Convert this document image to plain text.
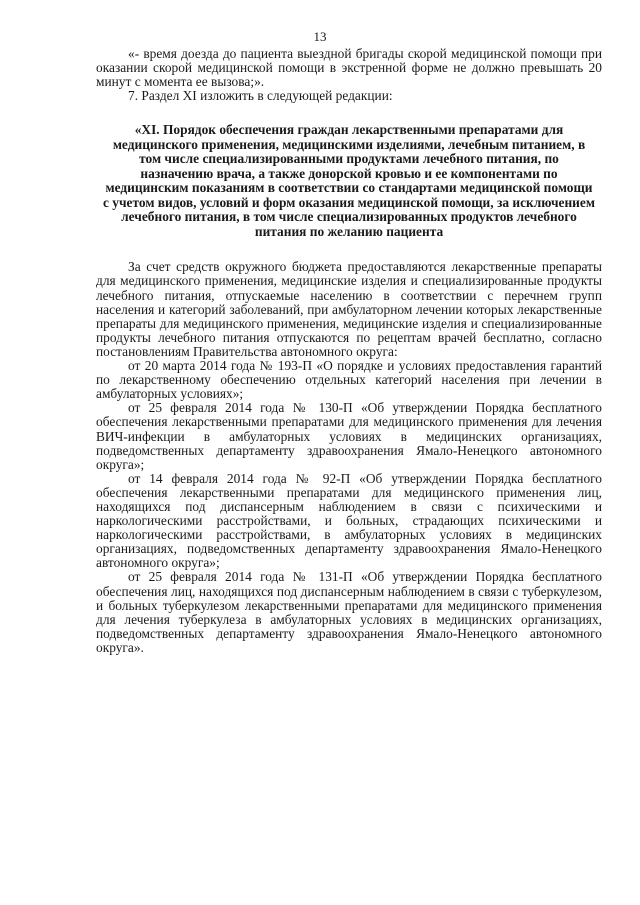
13

«- время доезда до пациента выездной бригады скорой медицинской помощи при оказании скорой медицинской помощи в экстренной форме не должно превышать 20 минут с момента ее вызова;».

7. Раздел XI изложить в следующей редакции:

«XI. Порядок обеспечения граждан лекарственными препаратами для медицинского применения, медицинскими изделиями, лечебным питанием, в том числе специализированными продуктами лечебного питания, по назначению врача, а также донорской кровью и ее компонентами по медицинским показаниям в соответствии со стандартами медицинской помощи с учетом видов, условий и форм оказания медицинской помощи, за исключением лечебного питания, в том числе специализированных продуктов лечебного питания по желанию пациента

За счет средств окружного бюджета предоставляются лекарственные препараты для медицинского применения, медицинские изделия и специализированные продукты лечебного питания, отпускаемые населению в соответствии с перечнем групп населения и категорий заболеваний, при амбулаторном лечении которых лекарственные препараты для медицинского применения, медицинские изделия и специализированные продукты лечебного питания отпускаются по рецептам врачей бесплатно, согласно постановлениям Правительства автономного округа:

от 20 марта 2014 года № 193-П «О порядке и условиях предоставления гарантий по лекарственному обеспечению отдельных категорий населения при лечении в амбулаторных условиях»;

от 25 февраля 2014 года № 130-П «Об утверждении Порядка бесплатного обеспечения лекарственными препаратами для медицинского применения для лечения ВИЧ-инфекции в амбулаторных условиях в медицинских организациях, подведомственных департаменту здравоохранения Ямало-Ненецкого автономного округа»;

от 14 февраля 2014 года № 92-П «Об утверждении Порядка бесплатного обеспечения лекарственными препаратами для медицинского применения лиц, находящихся под диспансерным наблюдением в связи с психическими и наркологическими расстройствами, и больных, страдающих психическими и наркологическими расстройствами, в амбулаторных условиях в медицинских организациях, подведомственных департаменту здравоохранения Ямало-Ненецкого автономного округа»;

от 25 февраля 2014 года № 131-П «Об утверждении Порядка бесплатного обеспечения лиц, находящихся под диспансерным наблюдением в связи с туберкулезом, и больных туберкулезом лекарственными препаратами для медицинского применения для лечения туберкулеза в амбулаторных условиях в медицинских организациях, подведомственных департаменту здравоохранения Ямало-Ненецкого автономного округа».
